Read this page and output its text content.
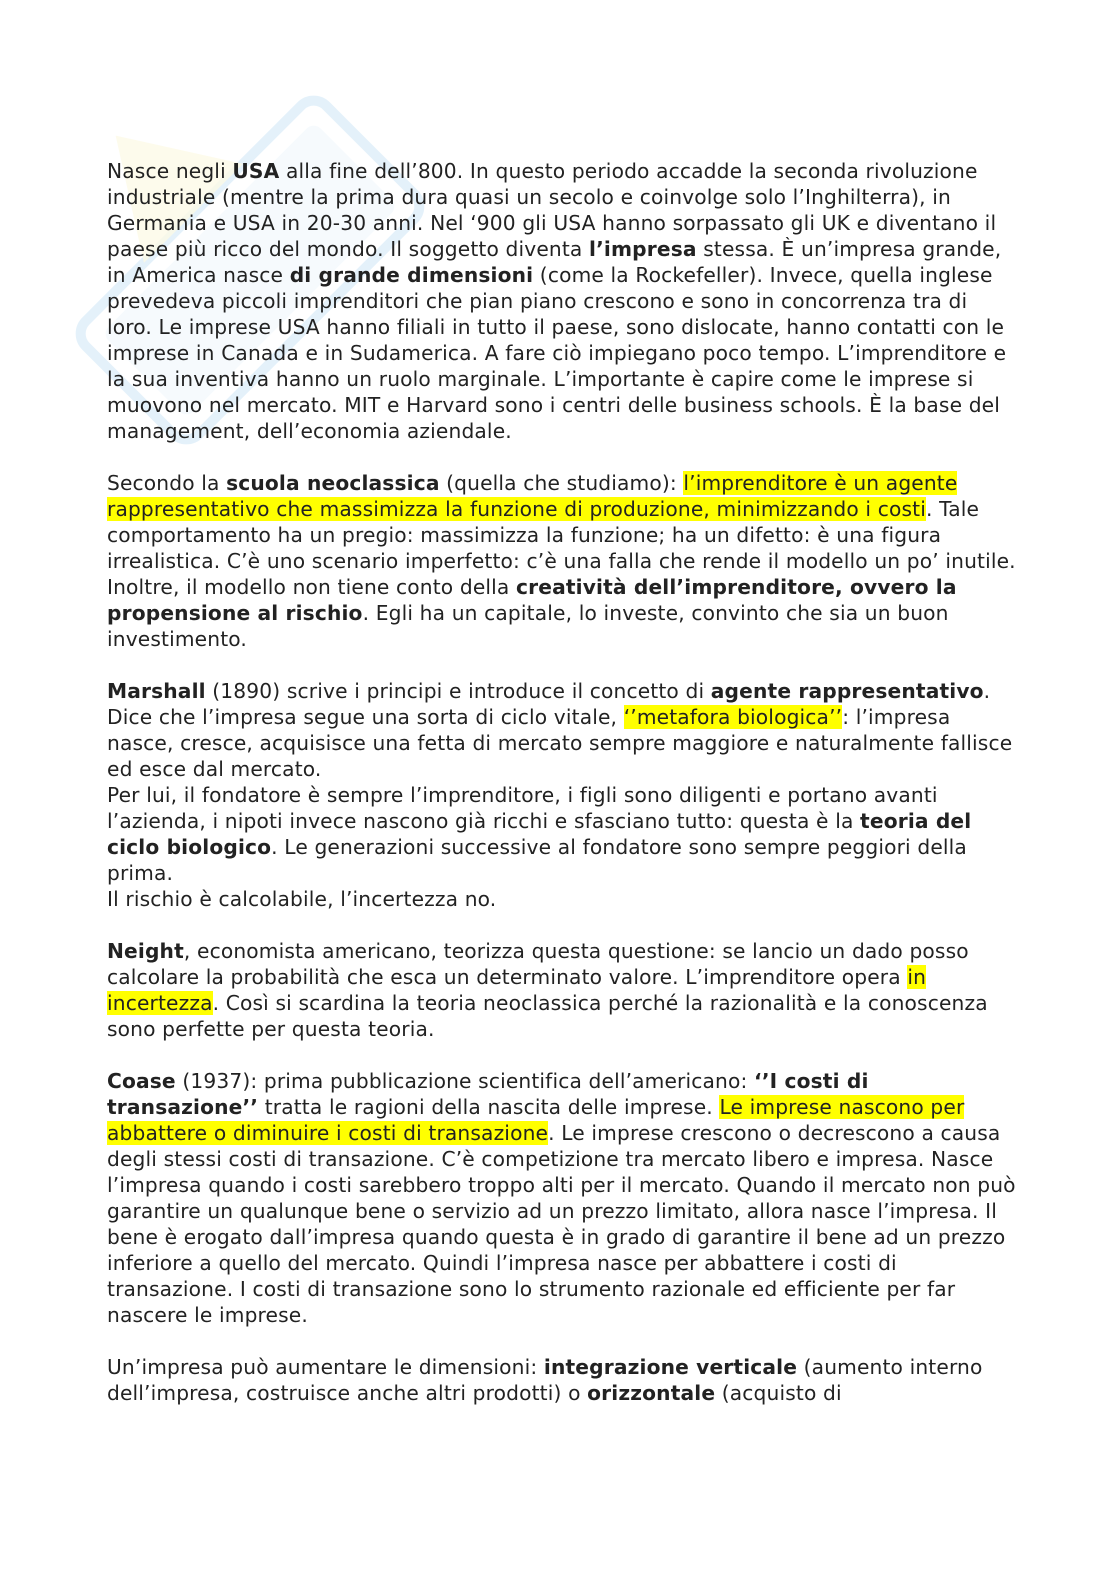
Nasce negli USA alla fine dell’800. In questo periodo accadde la seconda rivoluzione industriale (mentre la prima dura quasi un secolo e coinvolge solo l’Inghilterra), in Germania e USA in 20-30 anni. Nel ‘900 gli USA hanno sorpassato gli UK e diventano il paese più ricco del mondo. Il soggetto diventa l’impresa stessa. È un’impresa grande, in America nasce di grande dimensioni (come la Rockefeller). Invece, quella inglese prevedeva piccoli imprenditori che pian piano crescono e sono in concorrenza tra di loro. Le imprese USA hanno filiali in tutto il paese, sono dislocate, hanno contatti con le imprese in Canada e in Sudamerica. A fare ciò impiegano poco tempo. L’imprenditore e la sua inventiva hanno un ruolo marginale. L’importante è capire come le imprese si muovono nel mercato. MIT e Harvard sono i centri delle business schools. È la base del management, dell’economia aziendale.

Secondo la scuola neoclassica (quella che studiamo): l’imprenditore è un agente rappresentativo che massimizza la funzione di produzione, minimizzando i costi. Tale comportamento ha un pregio: massimizza la funzione; ha un difetto: è una figura irrealistica. C’è uno scenario imperfetto: c’è una falla che rende il modello un po’ inutile. Inoltre, il modello non tiene conto della creatività dell’imprenditore, ovvero la propensione al rischio. Egli ha un capitale, lo investe, convinto che sia un buon investimento.

Marshall (1890) scrive i principi e introduce il concetto di agente rappresentativo. Dice che l’impresa segue una sorta di ciclo vitale, ‘’metafora biologica’’: l’impresa nasce, cresce, acquisisce una fetta di mercato sempre maggiore e naturalmente fallisce ed esce dal mercato.

Per lui, il fondatore è sempre l’imprenditore, i figli sono diligenti e portano avanti l’azienda, i nipoti invece nascono già ricchi e sfasciano tutto: questa è la teoria del ciclo biologico. Le generazioni successive al fondatore sono sempre peggiori della prima.

Il rischio è calcolabile, l’incertezza no.

Neight, economista americano, teorizza questa questione: se lancio un dado posso calcolare la probabilità che esca un determinato valore. L’imprenditore opera in incertezza. Così si scardina la teoria neoclassica perché la razionalità e la conoscenza sono perfette per questa teoria.

Coase (1937): prima pubblicazione scientifica dell’americano: ‘’I costi di transazione’’ tratta le ragioni della nascita delle imprese. Le imprese nascono per abbattere o diminuire i costi di transazione. Le imprese crescono o decrescono a causa degli stessi costi di transazione. C’è competizione tra mercato libero e impresa. Nasce l’impresa quando i costi sarebbero troppo alti per il mercato. Quando il mercato non può garantire un qualunque bene o servizio ad un prezzo limitato, allora nasce l’impresa. Il bene è erogato dall’impresa quando questa è in grado di garantire il bene ad un prezzo inferiore a quello del mercato. Quindi l’impresa nasce per abbattere i costi di transazione. I costi di transazione sono lo strumento razionale ed efficiente per far nascere le imprese.

Un’impresa può aumentare le dimensioni: integrazione verticale (aumento interno dell’impresa, costruisce anche altri prodotti) o orizzontale (acquisto di
